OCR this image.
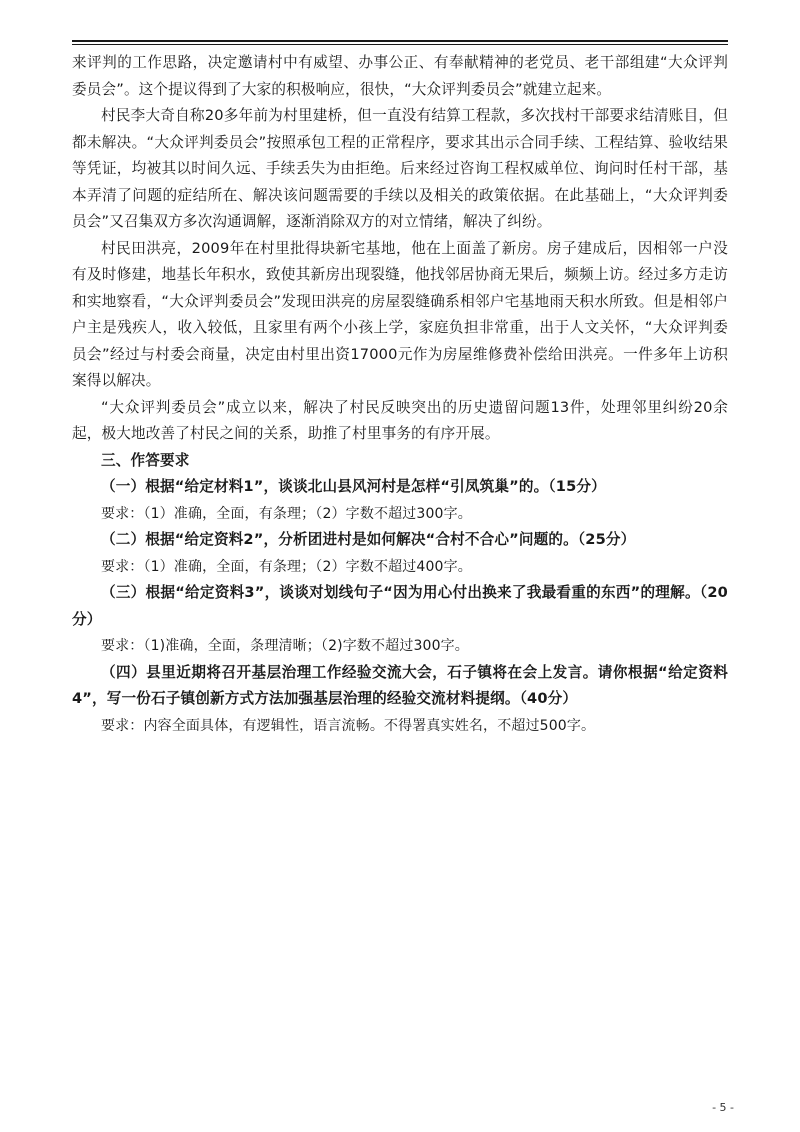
来评判的工作思路，决定邀请村中有威望、办事公正、有奉献精神的老党员、老干部组建“大众评判委员会”。这个提议得到了大家的积极响应，很快，“大众评判委员会”就建立起来。

村民李大奇自称20多年前为村里建桥，但一直没有结算工程款，多次找村干部要求结清账目，但都未解决。“大众评判委员会”按照承包工程的正常程序，要求其出示合同手续、工程结算、验收结果等凭证，均被其以时间久远、手续丢失为由拒绝。后来经过咨询工程权威单位、询问时任村干部，基本弄清了问题的症结所在、解决该问题需要的手续以及相关的政策依据。在此基础上，“大众评判委员会”又召集双方多次沟通调解，逐渐消除双方的对立情绪，解决了纠纷。

村民田洪亮，2009年在村里批得块新宅基地，他在上面盖了新房。房子建成后，因相邻一户没有及时修建，地基长年积水，致使其新房出现裂缝，他找邻居协商无果后，频频上访。经过多方走访和实地察看，“大众评判委员会”发现田洪亮的房屋裂缝确系相邻户宅基地雨天积水所致。但是相邻户户主是残疾人，收入较低，且家里有两个小孩上学，家庭负担非常重，出于人文关怀，“大众评判委员会”经过与村委会商量，决定由村里出资17000元作为房屋维修费补偿给田洪亮。一件多年上访积案得以解决。

“大众评判委员会”成立以来，解决了村民反映突出的历史遗留问题13件，处理邻里纠纷20余起，极大地改善了村民之间的关系，助推了村里事务的有序开展。

三、作答要求

（一）根据“给定材料1”，谈谈北山县风河村是怎样“引凤筑巢”的。（15分）

要求：（1）准确，全面，有条理；（2）字数不超过300字。

（二）根据“给定资料2”，分析团进村是如何解决“合村不合心”问题的。（25分）

要求：（1）准确，全面，有条理；（2）字数不超过400字。

（三）根据“给定资料3”，谈谈对划线句子“因为用心付出换来了我最看重的东西”的理解。（20分）

要求：（1)准确，全面，条理清晰；（2)字数不超过300字。

（四）县里近期将召开基层治理工作经验交流大会，石子镇将在会上发言。请你根据“给定资料4”，写一份石子镇创新方式方法加强基层治理的经验交流材料提纲。（40分）

要求：内容全面具体，有逻辑性，语言流畅。不得署真实姓名，不超过500字。

- 5 -
